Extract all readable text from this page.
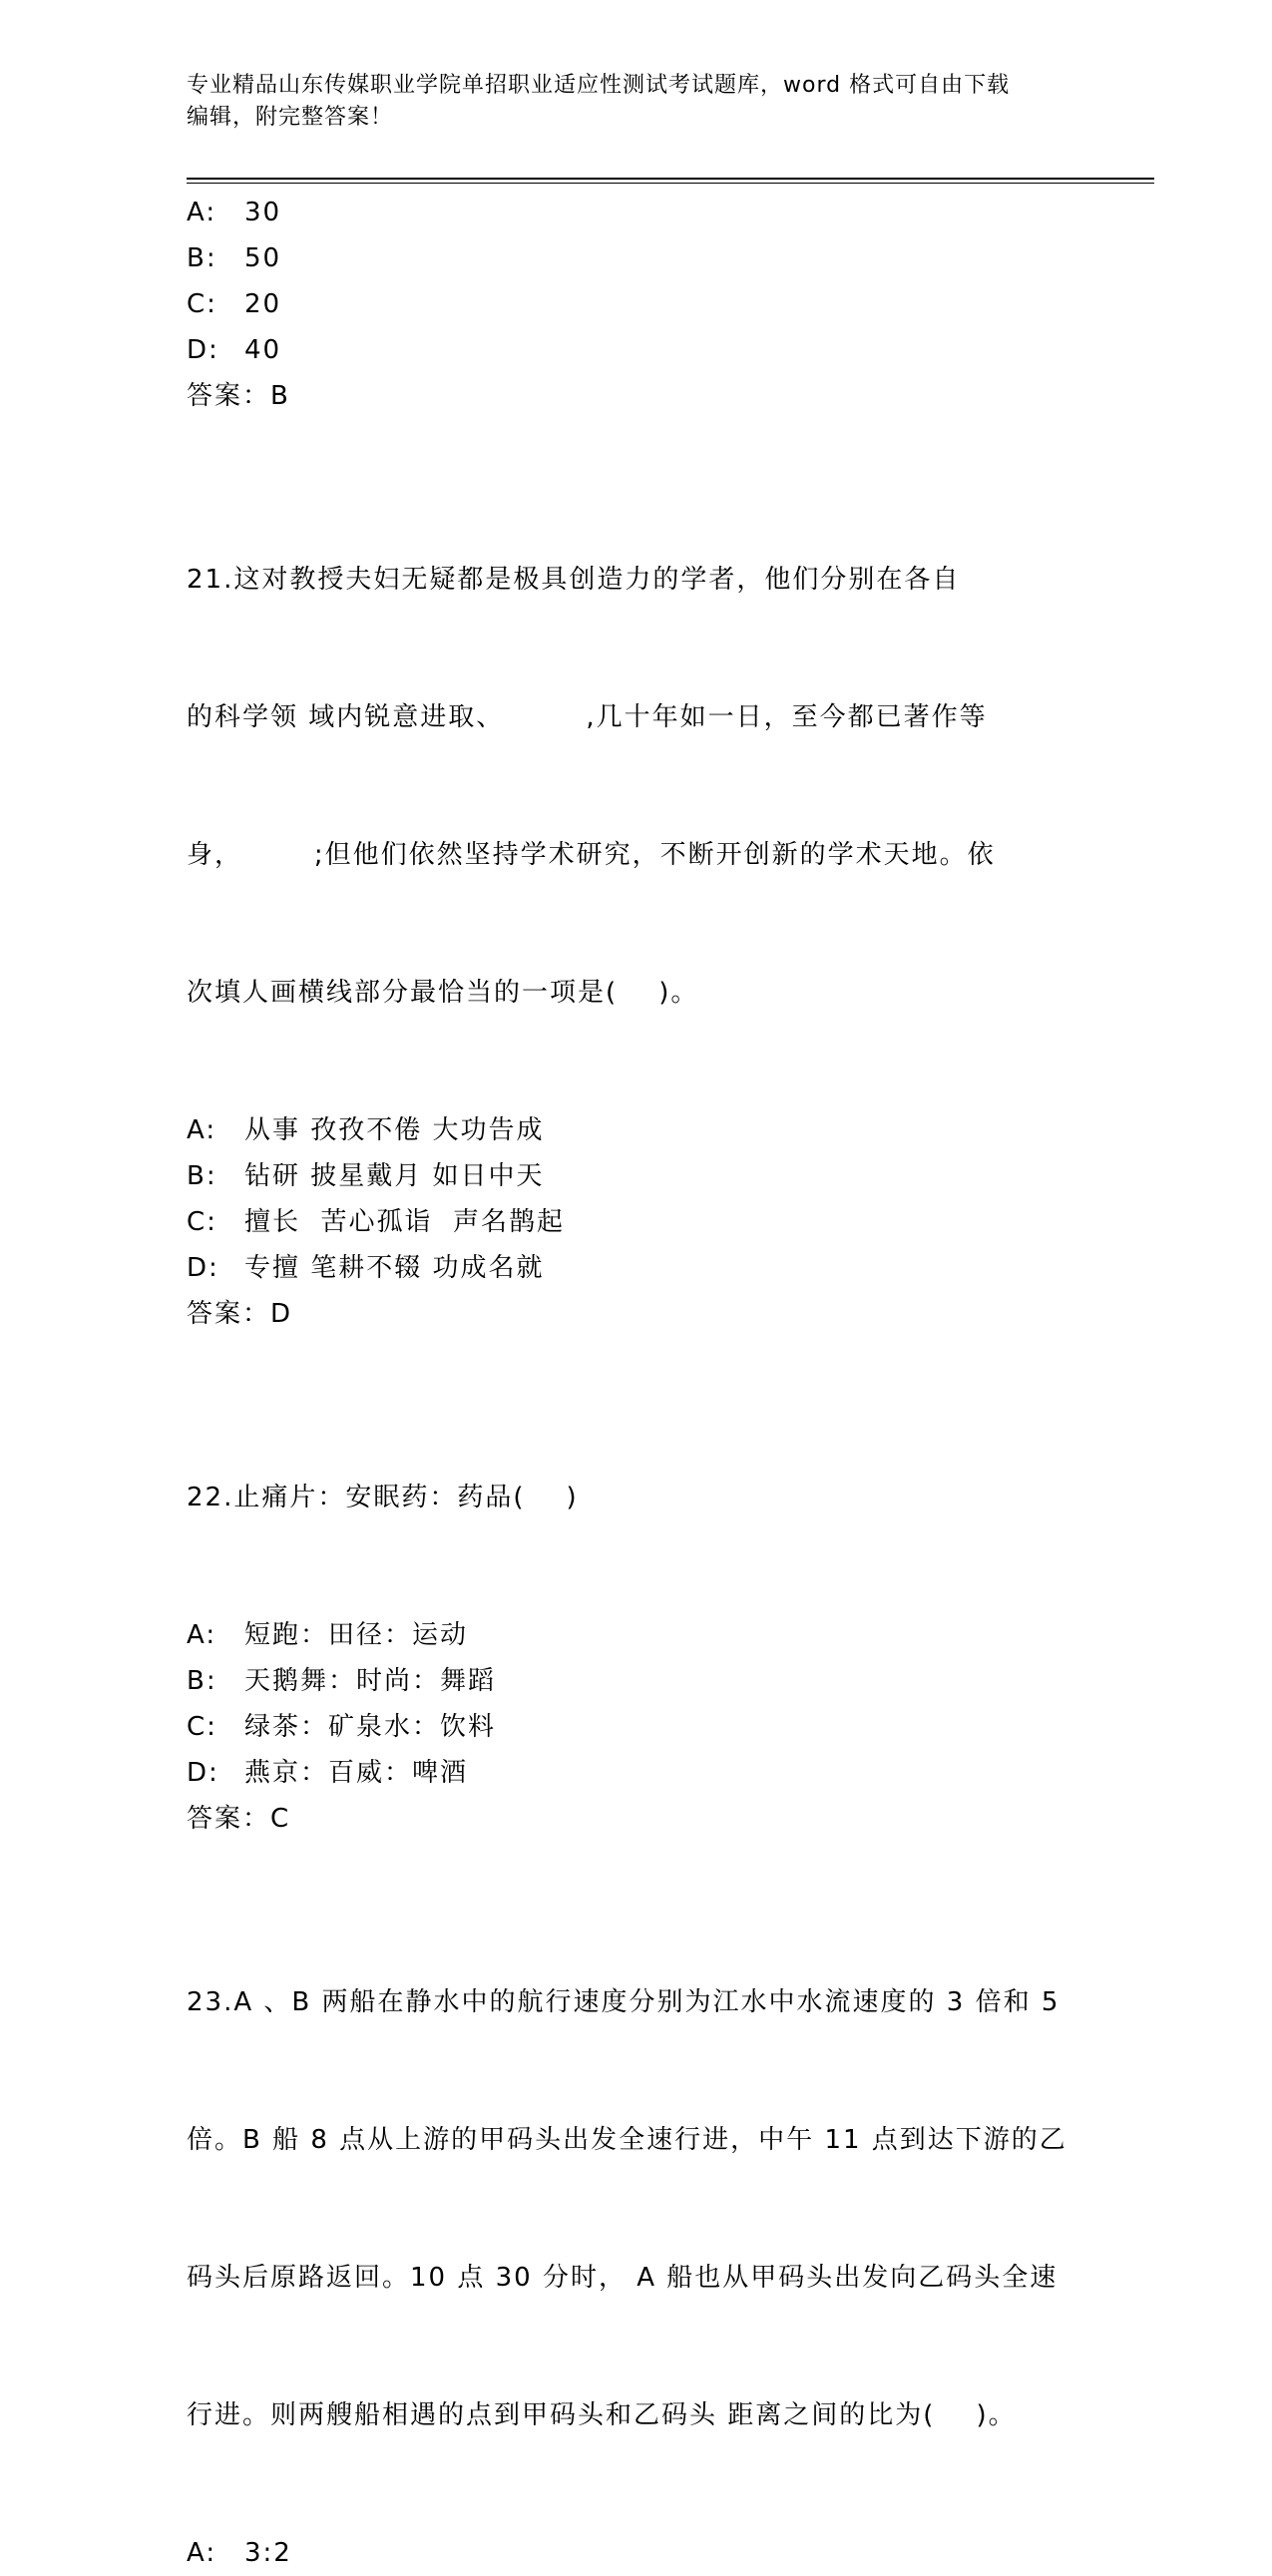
专业精品山东传媒职业学院单招职业适应性测试考试题库，word 格式可自由下载
编辑，附完整答案！
A:	30
B:	50
C:	20
D: 40
答案：B

21.这对教授夫妇无疑都是极具创造力的学者，他们分别在各自

的科学领 域内锐意进取、        ,几十年如一日，至今都已著作等

身，       ;但他们依然坚持学术研究，不断开创新的学术天地。依

次填人画横线部分最恰当的一项是(    )。

A:	从事 孜孜不倦 大功告成
B:	钻研 披星戴月 如日中天
C:	擅长  苦心孤诣  声名鹊起
D: 专擅 笔耕不辍 功成名就
答案：D

22.止痛片：安眠药：药品(    )

A:	短跑：田径：运动
B:	天鹅舞：时尚：舞蹈
C:	绿茶：矿泉水：饮料
D: 燕京：百威：啤酒
答案：C

23.A 、B 两船在静水中的航行速度分别为江水中水流速度的 3 倍和 5

倍。B 船 8 点从上游的甲码头出发全速行进，中午 11 点到达下游的乙

码头后原路返回。10 点 30 分时， A 船也从甲码头出发向乙码头全速

行进。则两艘船相遇的点到甲码头和乙码头 距离之间的比为(    )。

A:	3:2
